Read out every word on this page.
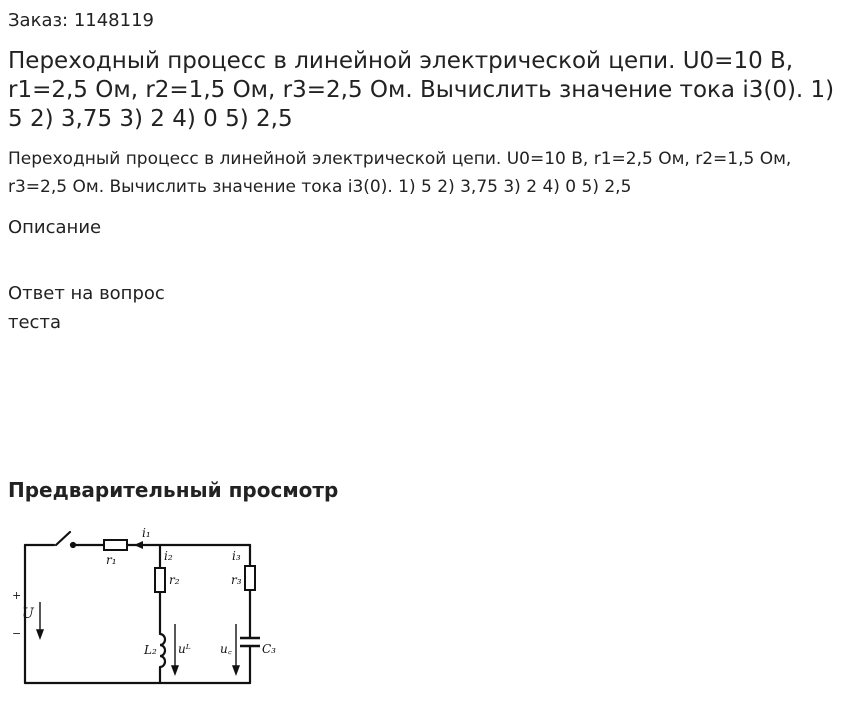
Заказ: 1148119
Переходный процесс в линейной электрической цепи. U0=10 В, r1=2,5 Ом, r2=1,5 Ом, r3=2,5 Ом. Вычислить значение тока i3(0). 1) 5 2) 3,75 3) 2 4) 0 5) 2,5

Переходный процесс в линейной электрической цепи. U0=10 В, r1=2,5 Ом, r2=1,5 Ом, r3=2,5 Ом. Вычислить значение тока i3(0). 1) 5 2) 3,75 3) 2 4) 0 5) 2,5

Описание
Ответ на вопрос теста
Предварительный просмотр
+
−
U
r₁
i₁
i₂
r₂
i₃
r₃
L₂ uᴸ u꜀	C₃
